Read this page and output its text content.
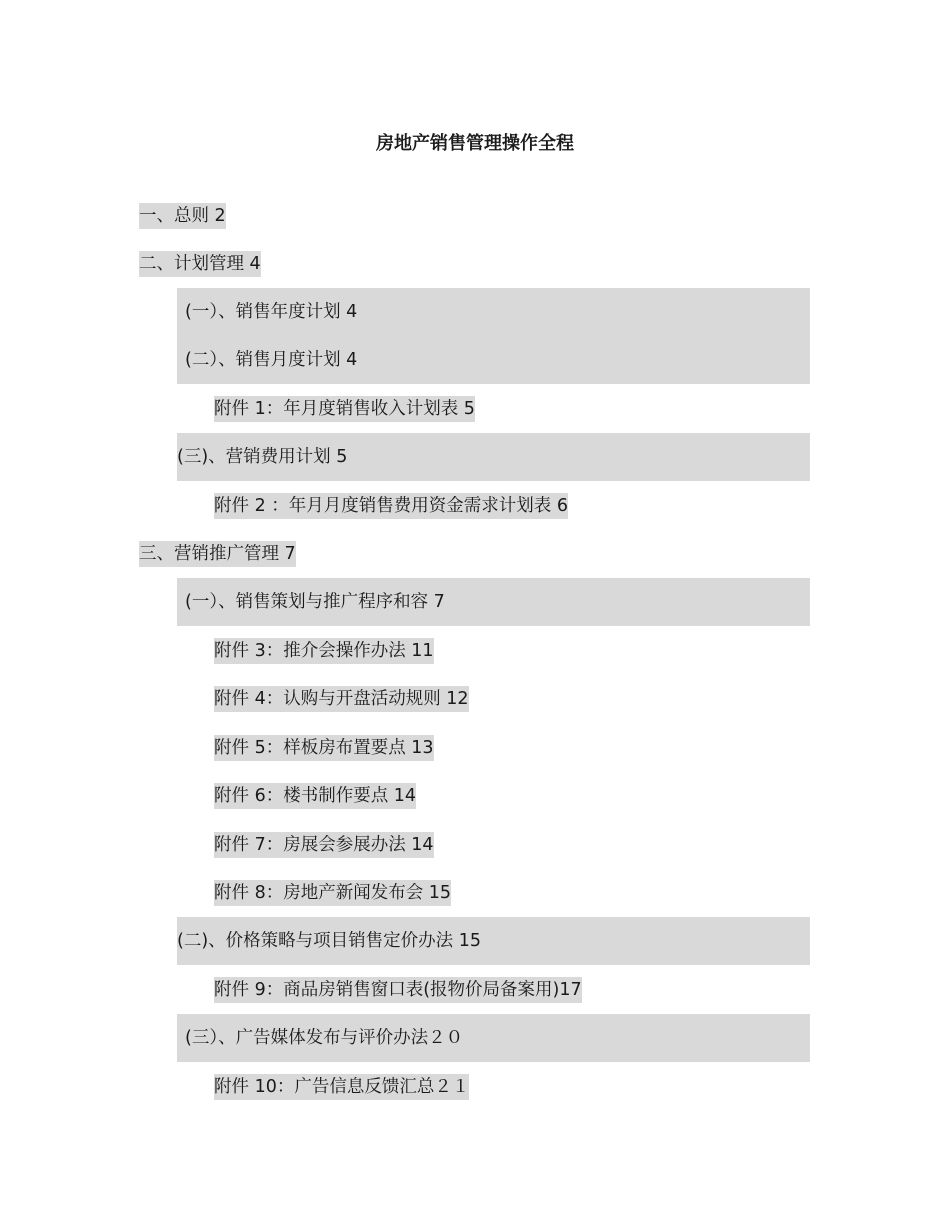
房地产销售管理操作全程
一、总则 2
二、计划管理 4
(一）、销售年度计划 4
(二）、销售月度计划 4
附件 1：年月度销售收入计划表 5
(三)、营销费用计划 5
附件 2 ：年月月度销售费用资金需求计划表 6
三、营销推广管理 7
(一）、销售策划与推广程序和容 7
附件 3：推介会操作办法 11
附件 4：认购与开盘活动规则 12
附件 5：样板房布置要点 13
附件 6：楼书制作要点 14
附件 7：房展会参展办法 14
附件 8：房地产新闻发布会 15
(二)、价格策略与项目销售定价办法 15
附件 9：商品房销售窗口表(报物价局备案用)17
(三）、广告媒体发布与评价办法２０
附件 10：广告信息反馈汇总２１
